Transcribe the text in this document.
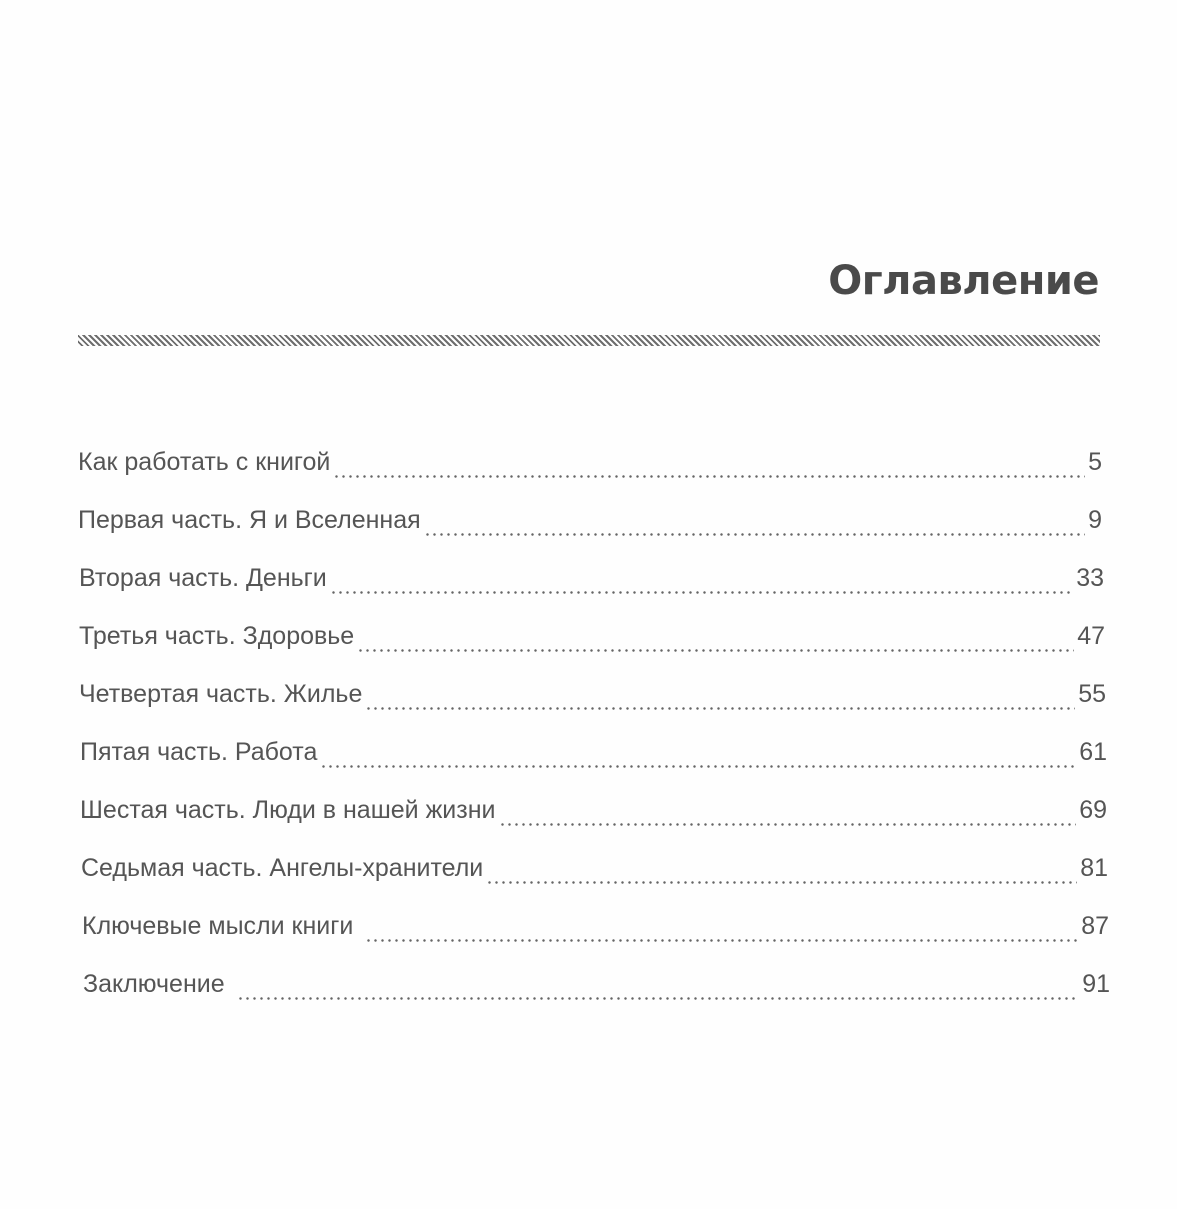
Оглавление
Как работать с книгой	5
Первая часть. Я и Вселенная	9
Вторая часть. Деньги	33
Третья часть. Здоровье	47
Четвертая часть. Жилье	55
Пятая часть. Работа	61
Шестая часть. Люди в нашей жизни	69
Седьмая часть. Ангелы-хранители	81
Ключевые мысли книги	87
Заключение	91
